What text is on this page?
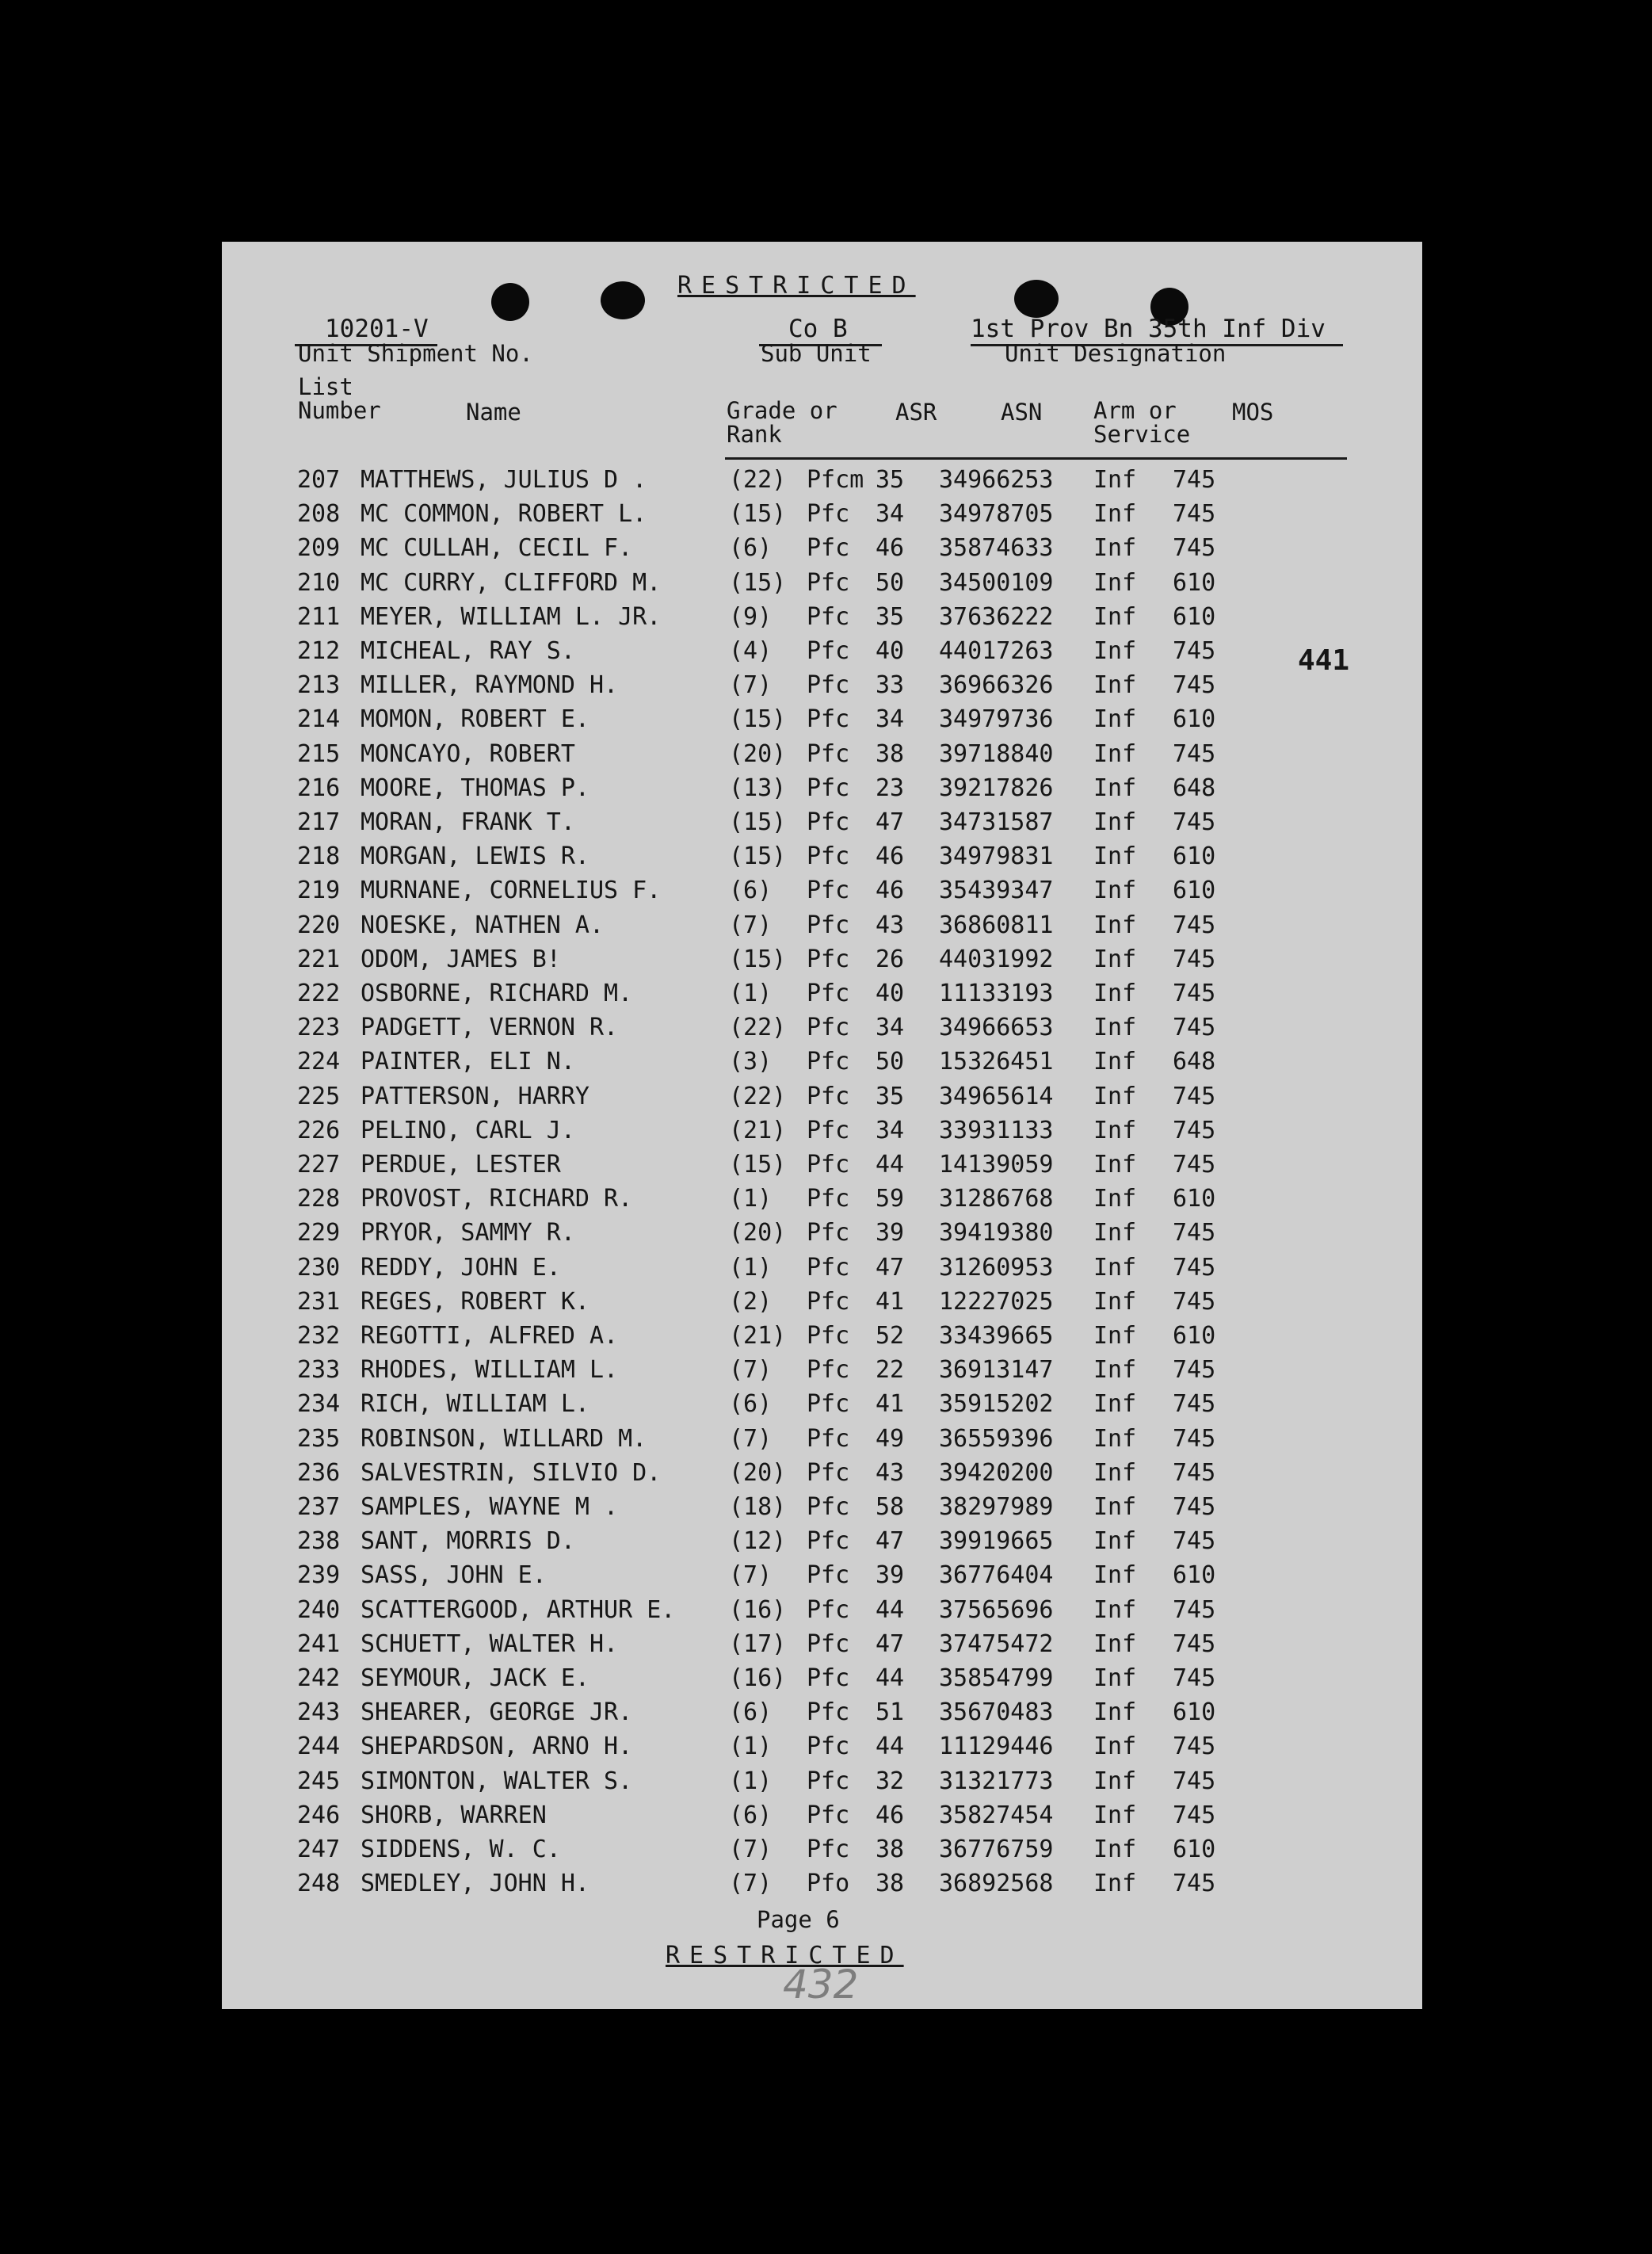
RESTRICTED
10201-V
Unit Shipment No.
Co B
Sub Unit
1st Prov Bn 35th Inf Div
Unit Designation
List
Number	Name	Grade or
Rank
ASR	ASN Arm or
Service
MOS
441
207 MATTHEWS, JULIUS D .	(22) Pfcm 35 34966253 Inf 745
208 MC COMMON, ROBERT L.	(15) Pfc 34 34978705 Inf 745
209 MC CULLAH, CECIL F.	(6) Pfc 46 35874633 Inf 745
210 MC CURRY, CLIFFORD M.	(15) Pfc 50 34500109 Inf 610
211 MEYER, WILLIAM L. JR.	(9) Pfc 35 37636222 Inf 610
212 MICHEAL, RAY S.	(4) Pfc 40 44017263 Inf 745
213 MILLER, RAYMOND H.	(7) Pfc 33 36966326 Inf 745
214 MOMON, ROBERT E.	(15) Pfc 34 34979736 Inf 610
215 MONCAYO, ROBERT	(20) Pfc 38 39718840 Inf 745
216 MOORE, THOMAS P.	(13) Pfc 23 39217826 Inf 648
217 MORAN, FRANK T.	(15) Pfc 47 34731587 Inf 745
218 MORGAN, LEWIS R.	(15) Pfc 46 34979831 Inf 610
219 MURNANE, CORNELIUS F.	(6) Pfc 46 35439347 Inf 610
220 NOESKE, NATHEN A.	(7) Pfc 43 36860811 Inf 745
221 ODOM, JAMES B!	(15) Pfc 26 44031992 Inf 745
222 OSBORNE, RICHARD M.	(1) Pfc 40 11133193 Inf 745
223 PADGETT, VERNON R.	(22) Pfc 34 34966653 Inf 745
224 PAINTER, ELI N.	(3) Pfc 50 15326451 Inf 648
225 PATTERSON, HARRY	(22) Pfc 35 34965614 Inf 745
226 PELINO, CARL J.	(21) Pfc 34 33931133 Inf 745
227 PERDUE, LESTER	(15) Pfc 44 14139059 Inf 745
228 PROVOST, RICHARD R.	(1) Pfc 59 31286768 Inf 610
229 PRYOR, SAMMY R.	(20) Pfc 39 39419380 Inf 745
230 REDDY, JOHN E.	(1) Pfc 47 31260953 Inf 745
231 REGES, ROBERT K.	(2) Pfc 41 12227025 Inf 745
232 REGOTTI, ALFRED A.	(21) Pfc 52 33439665 Inf 610
233 RHODES, WILLIAM L.	(7) Pfc 22 36913147 Inf 745
234 RICH, WILLIAM L.	(6) Pfc 41 35915202 Inf 745
235 ROBINSON, WILLARD M.	(7) Pfc 49 36559396 Inf 745
236 SALVESTRIN, SILVIO D.	(20) Pfc 43 39420200 Inf 745
237 SAMPLES, WAYNE M .	(18) Pfc 58 38297989 Inf 745
238 SANT, MORRIS D.	(12) Pfc 47 39919665 Inf 745
239 SASS, JOHN E.	(7) Pfc 39 36776404 Inf 610
240 SCATTERGOOD, ARTHUR E. (16) Pfc 44 37565696 Inf 745
241 SCHUETT, WALTER H.	(17) Pfc 47 37475472 Inf 745
242 SEYMOUR, JACK E.	(16) Pfc 44 35854799 Inf 745
243 SHEARER, GEORGE JR.	(6) Pfc 51 35670483 Inf 610
244 SHEPARDSON, ARNO H.	(1) Pfc 44 11129446 Inf 745
245 SIMONTON, WALTER S.	(1) Pfc 32 31321773 Inf 745
246 SHORB, WARREN	(6) Pfc 46 35827454 Inf 745
247 SIDDENS, W. C.	(7) Pfc 38 36776759 Inf 610
248 SMEDLEY, JOHN H.	(7) Pfo 38 36892568 Inf 745
Page 6
RESTRICTED
432
